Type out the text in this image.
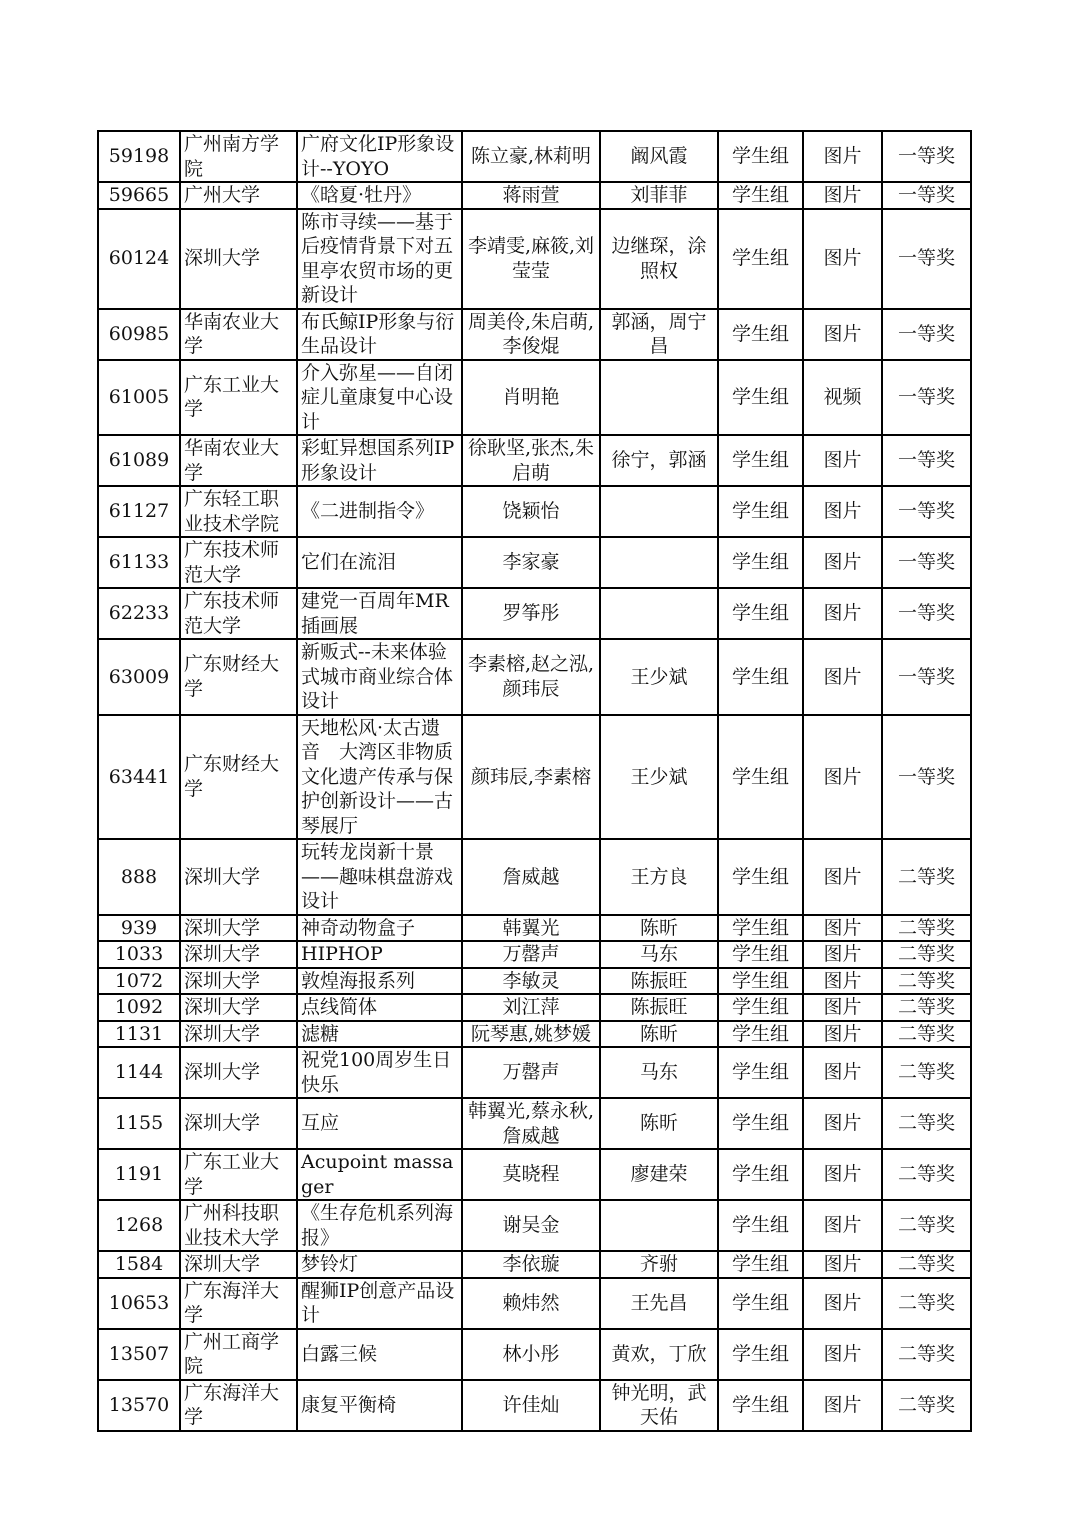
59198	广州南方学院	广府文化IP形象设计--YOYO	陈立豪,林莉明	阚风霞	学生组	图片	一等奖
59665	广州大学	《晗夏·牡丹》	蒋雨萱	刘菲菲	学生组	图片	一等奖
60124	深圳大学	陈市寻续——基于后疫情背景下对五里亭农贸市场的更新设计	李靖雯,麻筱,刘莹莹	边继琛，涂照权	学生组	图片	一等奖
60985	华南农业大学	布氏鲸IP形象与衍生品设计	周美伶,朱启萌,李俊焜	郭涵，周宁昌	学生组	图片	一等奖
61005	广东工业大学	介入弥星——自闭症儿童康复中心设计	肖明艳		学生组	视频	一等奖
61089	华南农业大学	彩虹异想国系列IP形象设计	徐耿坚,张杰,朱启萌	徐宁，郭涵	学生组	图片	一等奖
61127	广东轻工职业技术学院	《二进制指令》	饶颖怡		学生组	图片	一等奖
61133	广东技术师范大学	它们在流泪	李家豪		学生组	图片	一等奖
62233	广东技术师范大学	建党一百周年MR插画展	罗筝彤		学生组	图片	一等奖
63009	广东财经大学	新贩式--未来体验式城市商业综合体设计	李素榕,赵之泓,颜玮辰	王少斌	学生组	图片	一等奖
63441	广东财经大学	天地松风·太古遗音　大湾区非物质文化遗产传承与保护创新设计——古琴展厅	颜玮辰,李素榕	王少斌	学生组	图片	一等奖
888	深圳大学	玩转龙岗新十景——趣味棋盘游戏设计	詹威越	王方良	学生组	图片	二等奖
939	深圳大学	神奇动物盒子	韩翼光	陈昕	学生组	图片	二等奖
1033	深圳大学	HIPHOP	万罄声	马东	学生组	图片	二等奖
1072	深圳大学	敦煌海报系列	李敏灵	陈振旺	学生组	图片	二等奖
1092	深圳大学	点线简体	刘江萍	陈振旺	学生组	图片	二等奖
1131	深圳大学	滤糖	阮琴惠,姚梦媛	陈昕	学生组	图片	二等奖
1144	深圳大学	祝党100周岁生日快乐	万罄声	马东	学生组	图片	二等奖
1155	深圳大学	互应	韩翼光,蔡永秋,詹威越	陈昕	学生组	图片	二等奖
1191	广东工业大学	Acupoint massager	莫晓程	廖建荣	学生组	图片	二等奖
1268	广州科技职业技术大学	《生存危机系列海报》	谢吴金		学生组	图片	二等奖
1584	深圳大学	梦铃灯	李依璇	齐驸	学生组	图片	二等奖
10653	广东海洋大学	醒狮IP创意产品设计	赖炜然	王先昌	学生组	图片	二等奖
13507	广州工商学院	白露三候	林小彤	黄欢，丁欣	学生组	图片	二等奖
13570	广东海洋大学	康复平衡椅	许佳灿	钟光明，武天佑	学生组	图片	二等奖
